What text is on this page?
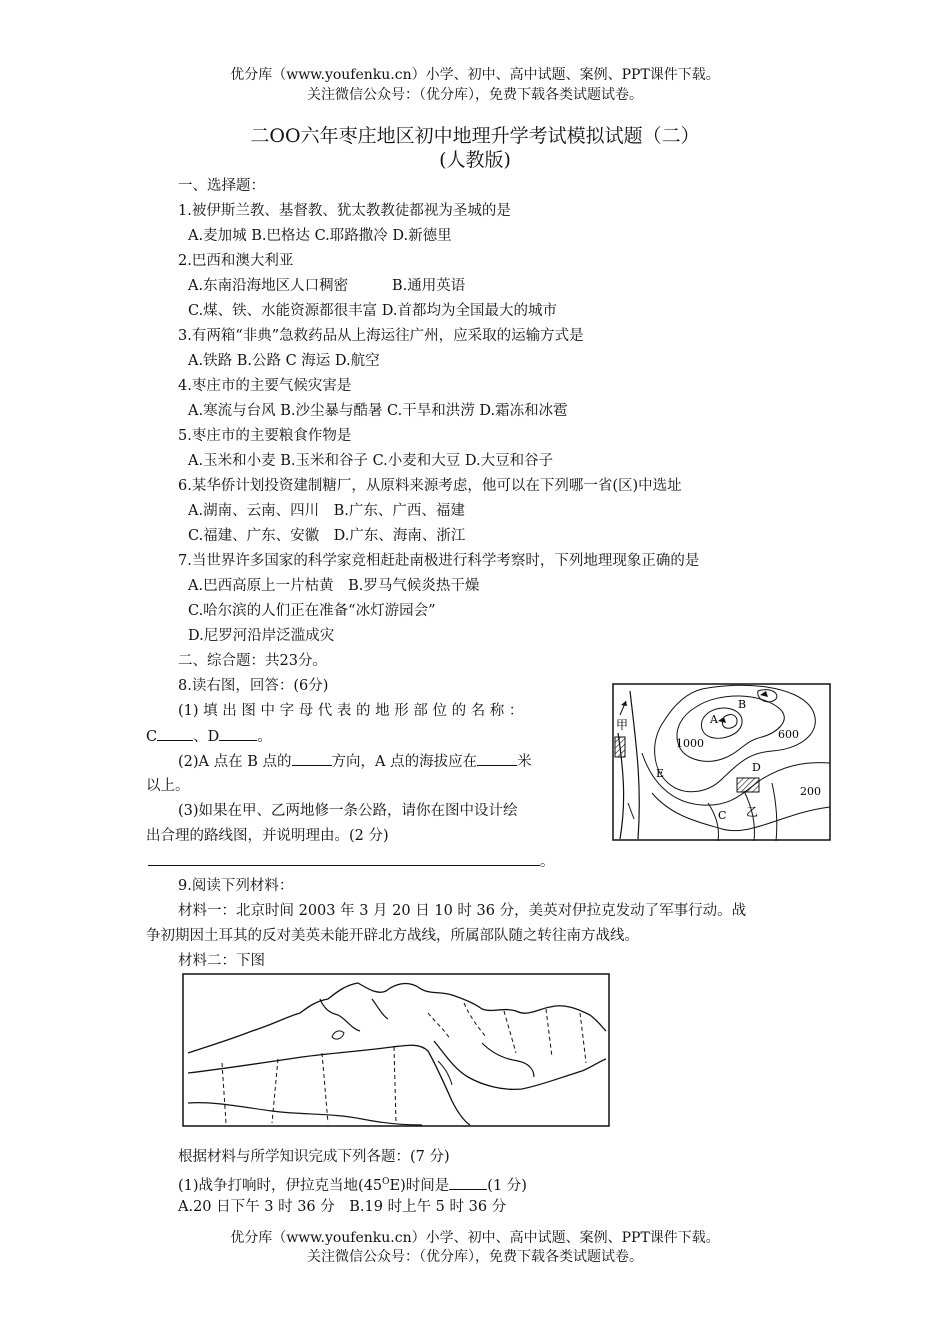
优分库（www.youfenku.cn）小学、初中、高中试题、案例、PPT课件下载。
关注微信公众号：（优分库），免费下载各类试题试卷。
二OO六年枣庄地区初中地理升学考试模拟试题（二）
(人教版)
一、选择题：
1.被伊斯兰教、基督教、犹太教教徒都视为圣城的是
A.麦加城 B.巴格达 C.耶路撒冷 D.新德里
2.巴西和澳大利亚
A.东南沿海地区人口稠密	B.通用英语
C.煤、铁、水能资源都很丰富 D.首都均为全国最大的城市
3.有两箱“非典”急救药品从上海运往广州，应采取的运输方式是
A.铁路 B.公路 C 海运 D.航空
4.枣庄市的主要气候灾害是
A.寒流与台风 B.沙尘暴与酷暑 C.干旱和洪涝 D.霜冻和冰雹
5.枣庄市的主要粮食作物是
A.玉米和小麦 B.玉米和谷子 C.小麦和大豆 D.大豆和谷子
6.某华侨计划投资建制糖厂，从原料来源考虑，他可以在下列哪一省(区)中选址
A.湖南、云南、四川　B.广东、广西、福建
C.福建、广东、安徽　D.广东、海南、浙江
7.当世界许多国家的科学家竞相赶赴南极进行科学考察时，下列地理现象正确的是
A.巴西高原上一片枯黄　B.罗马气候炎热干燥
C.哈尔滨的人们正在准备“冰灯游园会”
D.尼罗河沿岸泛滥成灾
二、综合题：共23分。
8.读右图，回答：(6分)
(1) 填 出 图 中 字 母 代 表 的 地 形 部 位 的 名 称 ：
C 、D	。
(2)A 点在 B 点的	方向，A 点的海拔应在	米
以上。
(3)如果在甲、乙两地修一条公路，请你在图中设计绘
出合理的路线图，并说明理由。(2 分)
。
甲
乙
A
B
C
D
E
1000
600
200
9.阅读下列材料：
材料一：北京时间 2003 年 3 月 20 日 10 时 36 分，美英对伊拉克发动了军事行动。战
争初期因土耳其的反对美英未能开辟北方战线，所属部队随之转往南方战线。
材料二：下图
根据材料与所学知识完成下列各题：(7 分)
(1)战争打响时，伊拉克当地$(45^OE)$时间是	(1 分)
A.20 日下午 3 时 36 分　B.19 时上午 5 时 36 分
优分库（www.youfenku.cn）小学、初中、高中试题、案例、PPT课件下载。
关注微信公众号：（优分库），免费下载各类试题试卷。
